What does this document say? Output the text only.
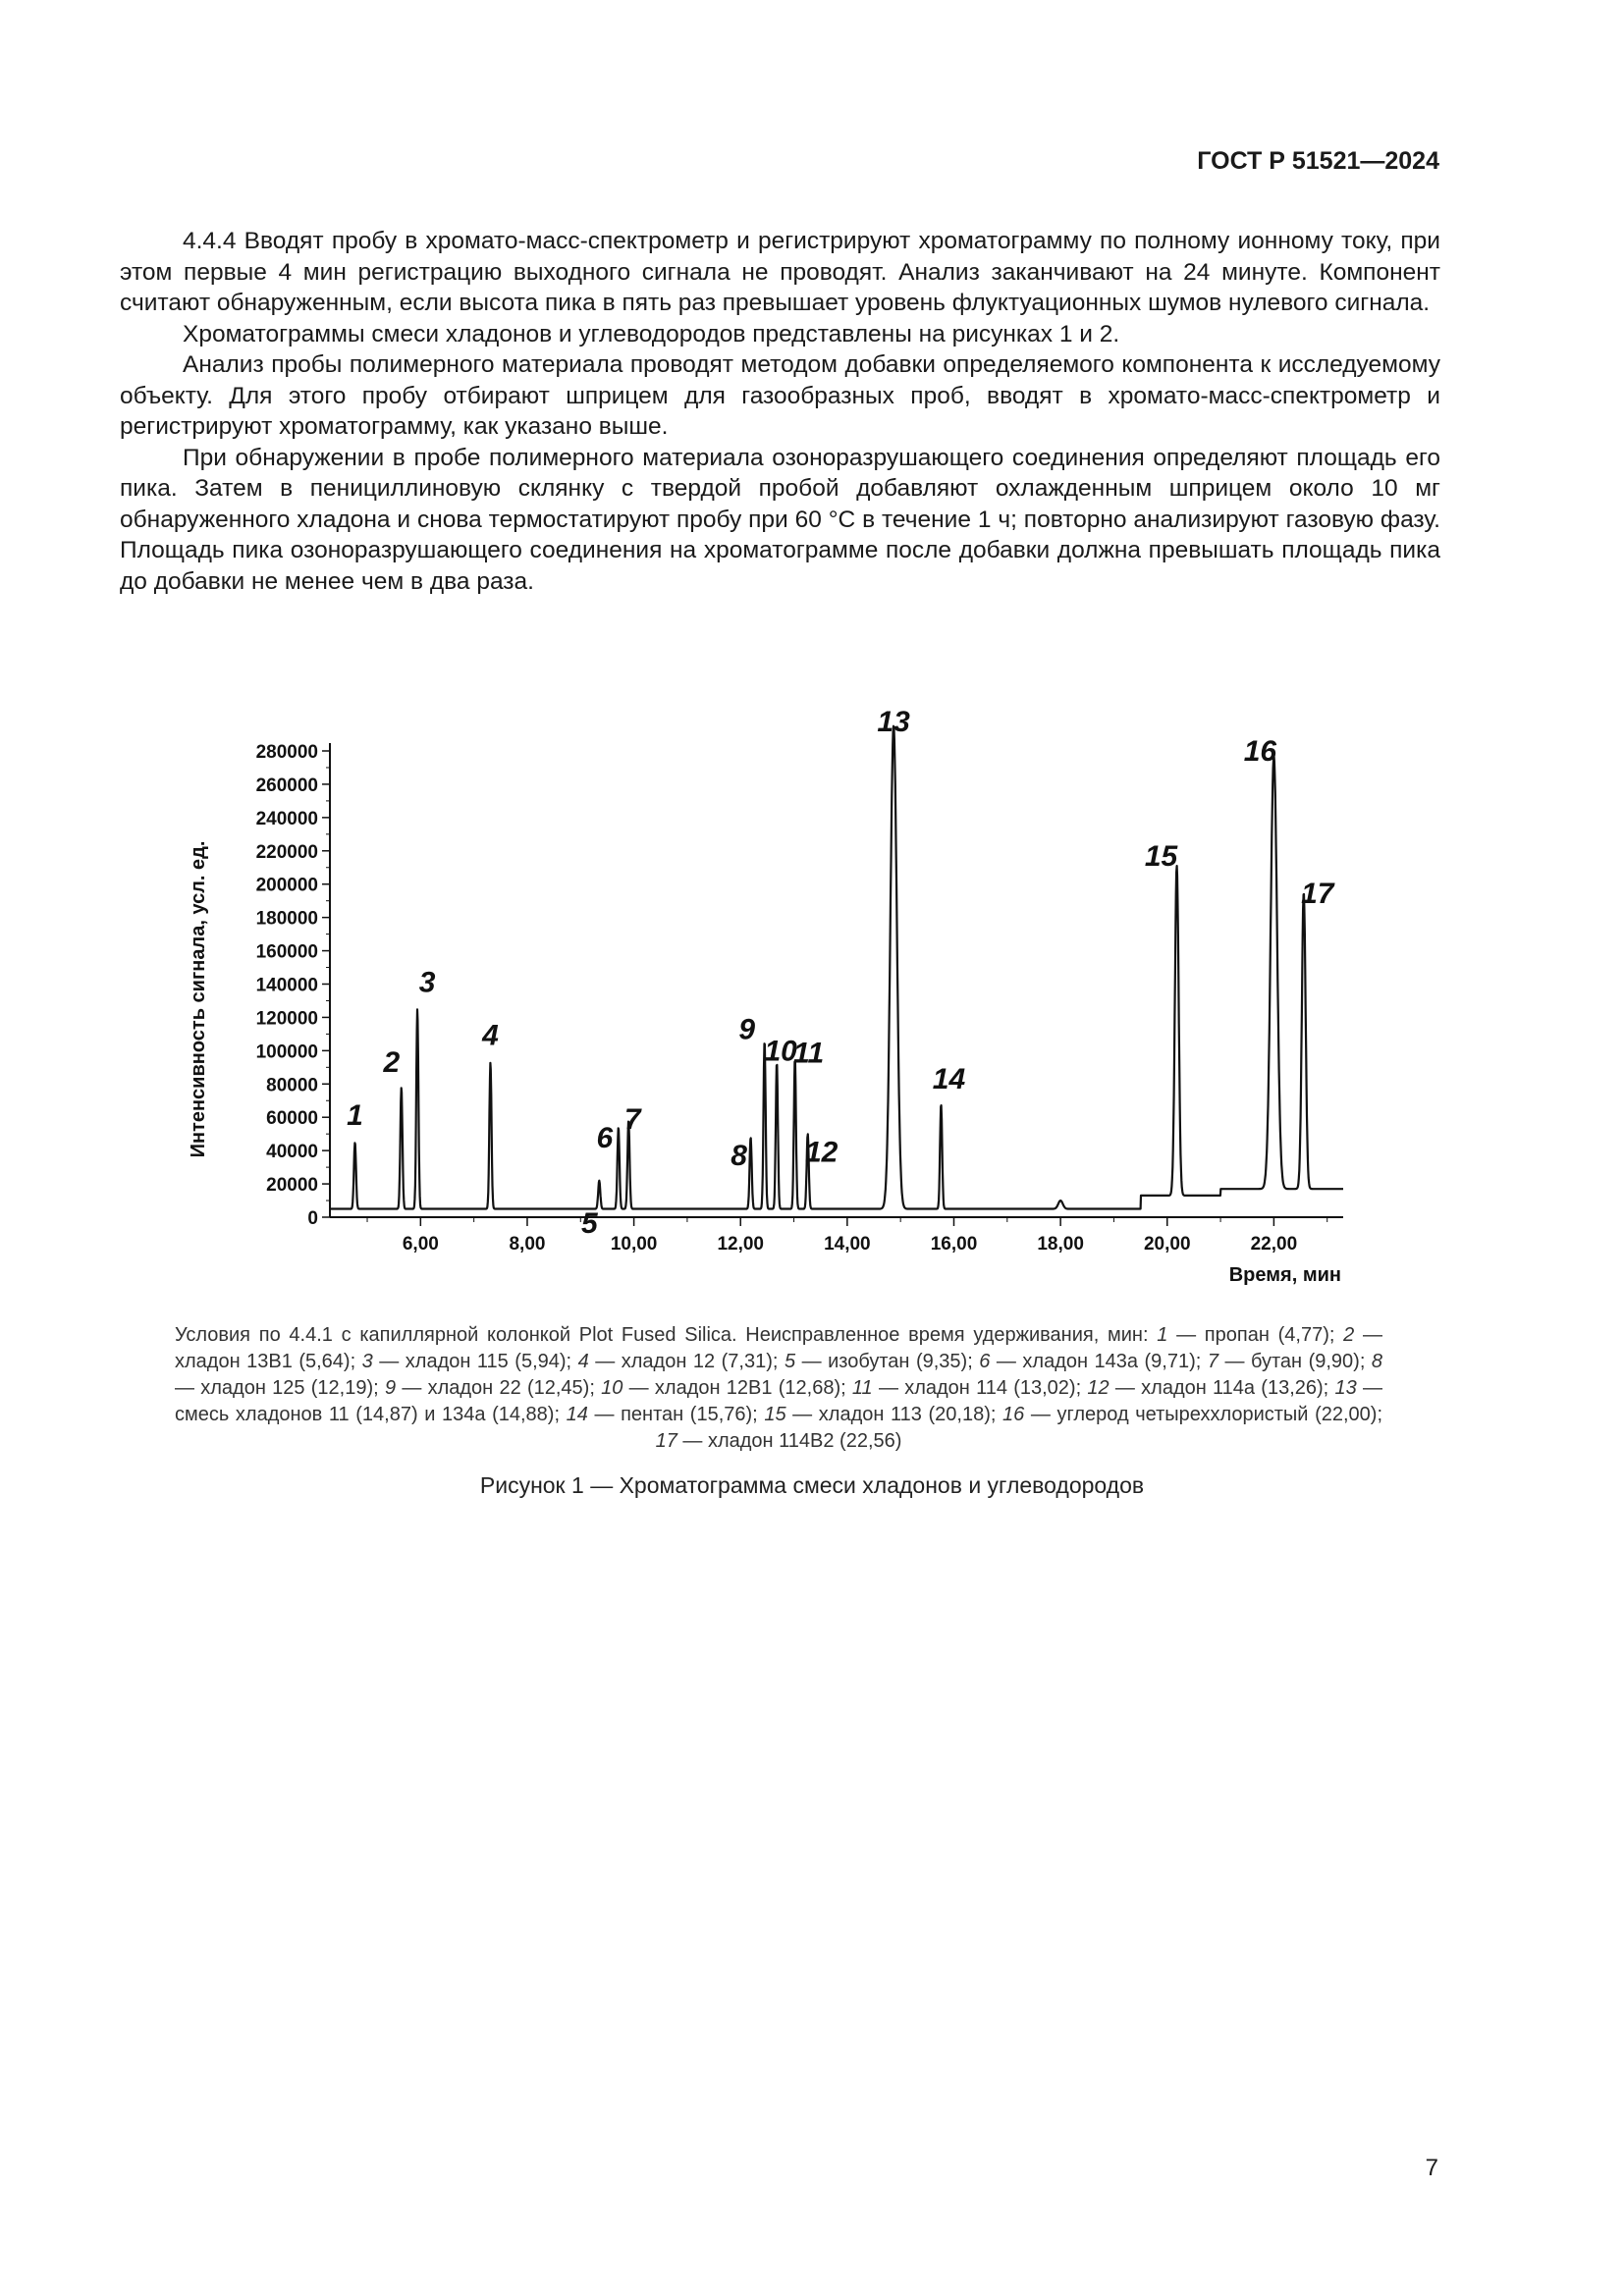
ГОСТ Р 51521—2024

4.4.4 Вводят пробу в хромато-масс-спектрометр и регистрируют хроматограмму по полному ионному току, при этом первые 4 мин регистрацию выходного сигнала не проводят. Анализ заканчивают на 24 минуте. Компонент считают обнаруженным, если высота пика в пять раз превышает уровень флуктуационных шумов нулевого сигнала.

Хроматограммы смеси хладонов и углеводородов представлены на рисунках 1 и 2.

Анализ пробы полимерного материала проводят методом добавки определяемого компонента к исследуемому объекту. Для этого пробу отбирают шприцем для газообразных проб, вводят в хромато-масс-спектрометр и регистрируют хроматограмму, как указано выше.

При обнаружении в пробе полимерного материала озоноразрушающего соединения определяют площадь его пика. Затем в пенициллиновую склянку с твердой пробой добавляют охлажденным шприцем около 10 мг обнаруженного хладона и снова термостатируют пробу при 60 °С в течение 1 ч; повторно анализируют газовую фазу. Площадь пика озоноразрушающего соединения на хроматограмме после добавки должна превышать площадь пика до добавки не менее чем в два раза.

0
20000
40000
60000
80000
100000
120000
140000
160000
180000
200000
220000
240000
260000
280000
6,00	8,00	10,00	12,00	14,00	16,00	18,00	20,00	22,00
1
2
3
4
5
6
7
8
9
10
11
12
13
14
15
16
17
Время, мин
Интенсивность сигнала, усл. ед.
Условия по 4.4.1 с капиллярной колонкой Plot Fused Silica. Неисправленное время удерживания, мин: 1 — пропан (4,77); 2 — хладон 13В1 (5,64); 3 — хладон 115 (5,94); 4 — хладон 12 (7,31); 5 — изобутан (9,35); 6 — хладон 143а (9,71); 7 — бутан (9,90); 8 — хладон 125 (12,19); 9 — хладон 22 (12,45); 10 — хладон 12В1 (12,68); 11 — хладон 114 (13,02); 12 — хладон 114а (13,26); 13 — смесь хладонов 11 (14,87) и 134а (14,88); 14 — пентан (15,76); 15 — хладон 113 (20,18); 16 — углерод четыреххлористый (22,00); 17 — хладон 114В2 (22,56)
Рисунок 1 — Хроматограмма смеси хладонов и углеводородов
7
